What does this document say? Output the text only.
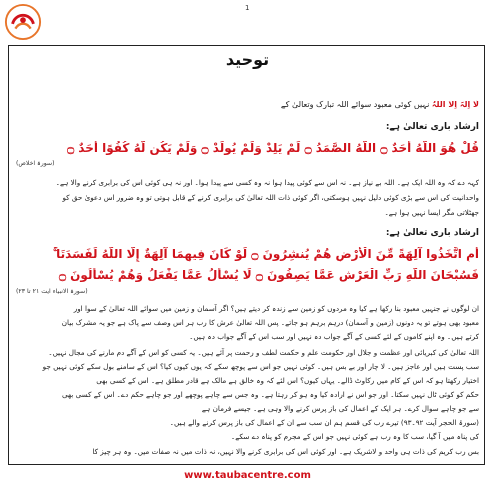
1
توحید
لَا اِلٰہَ اِلَّا اللّٰہُ نہیں کوئی معبود سوائے اللہ تبارک وتعالیٰ کے
ارشاد باری تعالیٰ ہے:
قُلْ هُوَ اللَّهُ أَحَدٌ ۝ اللَّهُ الصَّمَدُ ۝ لَمْ يَلِدْ وَلَمْ يُولَدْ ۝ وَلَمْ يَكُن لَّهُ كُفُوًا أَحَدٌ ۝
(سورۃ اخلاص)
کہہ دے کہ وہ اللہ ایک ہے۔ اللہ بے نیاز ہے۔ نہ اس سے کوئی پیدا ہوا نہ وہ کسی سے پیدا ہوا۔ اور نہ ہی کوئی اس کی برابری کرنے والا ہے۔
واحدانیت کی اس سے بڑی کوئی دلیل نہیں ہوسکتی، اگر کوئی ذات اللہ تعالیٰ کی برابری کرنے کے قابل ہوتی تو وہ ضرور اس دعویٰ حق کو
جھٹلاتی مگر ایسا نہیں ہوا ہے۔
ارشاد باری تعالیٰ ہے:
أَمِ اتَّخَذُوا آلِهَةً مِّنَ الْأَرْضِ هُمْ يُنشِرُونَ ۝ لَوْ كَانَ فِيهِمَا آلِهَةٌ إِلَّا اللَّهُ لَفَسَدَتَا ۚ
فَسُبْحَانَ اللَّهِ رَبِّ الْعَرْشِ عَمَّا يَصِفُونَ ۝ لَا يُسْأَلُ عَمَّا يَفْعَلُ وَهُمْ يُسْأَلُونَ ۝
(سورۃ الانبیاء آیت ۲۱ تا ۲۳)
ان لوگوں نے جنہیں معبود بنا رکھا ہے کیا وہ مردوں کو زمین سے زندہ کر دیتے ہیں؟ اگر آسمان و زمین میں سوائے اللہ تعالیٰ کے سوا اور
معبود بھی ہوتے تو یہ دونوں (زمین و آسمان) درہم برہم ہو جاتے۔ پس اللہ تعالیٰ عرش کا رب ہر اس وصف سے پاک ہے جو یہ مشرک بیان
کرتے ہیں۔ وہ اپنے کاموں کے لئے کسی کے آگے جواب دہ نہیں اور سب اس کے آگے جواب دہ ہیں۔
اللہ تعالیٰ کی کبریائی اور عظمت و جلال اور حکومت علم و حکمت لطف و رحمت پر آئے ہیں۔ یہ کسی کو اس کے آگے دم مارنے کی مجال نہیں۔
سب پست ہیں اور عاجز ہیں۔ لا چار اور بے بس ہیں۔ کوئی نہیں جو اس سے پوچھ سکے کہ یوں کیوں کیا؟ اس کے سامنے بول سکے کوئی نہیں جو
اختیار رکھتا ہو کہ اس کے کام میں رکاوٹ ڈالے۔ یہاں کیوں؟ اس لئے کہ وہ خالق ہے مالک ہے قادر مطلق ہے۔ اس کے کسی بھی
حکم کو کوئی ٹال نہیں سکتا۔ اور جو اس نے ارادہ کیا وہ ہو کر رہتا ہے۔ وہ جس سے چاہے پوچھے اور جو چاہے حکم دے۔ اس کے کسی بھی
سے جو چاہے سوال کرے۔ ہر ایک کے اعمال کی باز پرس کرنے والا وہی ہے۔ جیسے فرمان ہے
(سورۃ الحجر آیت ۹۲۔۹۳) تیرے رب کی قسم ہم ان سب سے ان کے اعمال کی باز پرس کرنے والے ہیں۔
کی پناہ میں آ گیا، سب کا وہ رب ہے کوئی نہیں جو اس کے مجرم کو پناہ دے سکے۔
بس رب کریم کی ذات ہی واحد و لاشریک ہے۔ اور کوئی اس کی برابری کرنے والا نہیں، نہ ذات میں نہ صفات میں۔ وہ ہر چیز کا
www.taubacentre.com
